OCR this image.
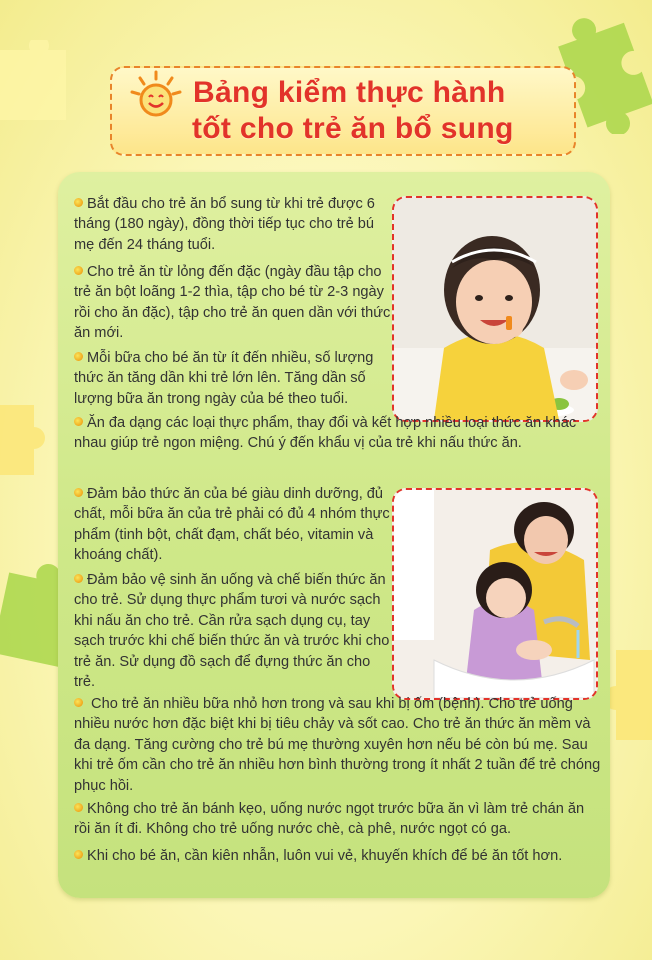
Bảng kiểm thực hành
tốt cho trẻ ăn bổ sung

Bắt đầu cho trẻ ăn bổ sung từ khi trẻ được 6 tháng (180 ngày), đồng thời tiếp tục cho trẻ bú mẹ đến 24 tháng tuổi.

Cho trẻ ăn từ lỏng đến đặc (ngày đầu tập cho trẻ ăn bột loãng 1-2 thìa, tập cho bé từ 2-3 ngày rồi cho ăn đặc), tập cho trẻ ăn quen dần với thức ăn mới.

Mỗi bữa cho bé ăn từ ít đến nhiều, số lượng thức ăn tăng dần khi trẻ lớn lên. Tăng dần số lượng bữa ăn trong ngày của bé theo tuổi.

Ăn đa dạng các loại thực phẩm, thay đổi và kết hợp nhiều loại thức ăn khác nhau giúp trẻ ngon miệng. Chú ý đến khẩu vị của trẻ khi nấu thức ăn.

Đảm bảo thức ăn của bé giàu dinh dưỡng, đủ chất, mỗi bữa ăn của trẻ phải có đủ 4 nhóm thực phẩm (tinh bột, chất đạm, chất béo, vitamin và khoáng chất).

Đảm bảo vệ sinh ăn uống và chế biến thức ăn cho trẻ. Sử dụng thực phẩm tươi và nước sạch khi nấu ăn cho trẻ. Cần rửa sạch dụng cụ, tay sạch trước khi chế biến thức ăn và trước khi cho trẻ ăn. Sử dụng đồ sạch để đựng thức ăn cho trẻ.

Cho trẻ ăn nhiều bữa nhỏ hơn trong và sau khi bị ốm (bệnh). Cho trẻ uống nhiều nước hơn đặc biệt khi bị tiêu chảy và sốt cao. Cho trẻ ăn thức ăn mềm và đa dạng. Tăng cường cho trẻ bú mẹ thường xuyên hơn nếu bé còn bú mẹ. Sau khi trẻ ốm cần cho trẻ ăn nhiều hơn bình thường trong ít nhất 2 tuần để trẻ chóng phục hồi.

Không cho trẻ ăn bánh kẹo, uống nước ngọt trước bữa ăn vì làm trẻ chán ăn rồi ăn ít đi. Không cho trẻ uống nước chè, cà phê, nước ngọt có ga.

Khi cho bé ăn, cần kiên nhẫn, luôn vui vẻ, khuyến khích để bé ăn tốt hơn.
